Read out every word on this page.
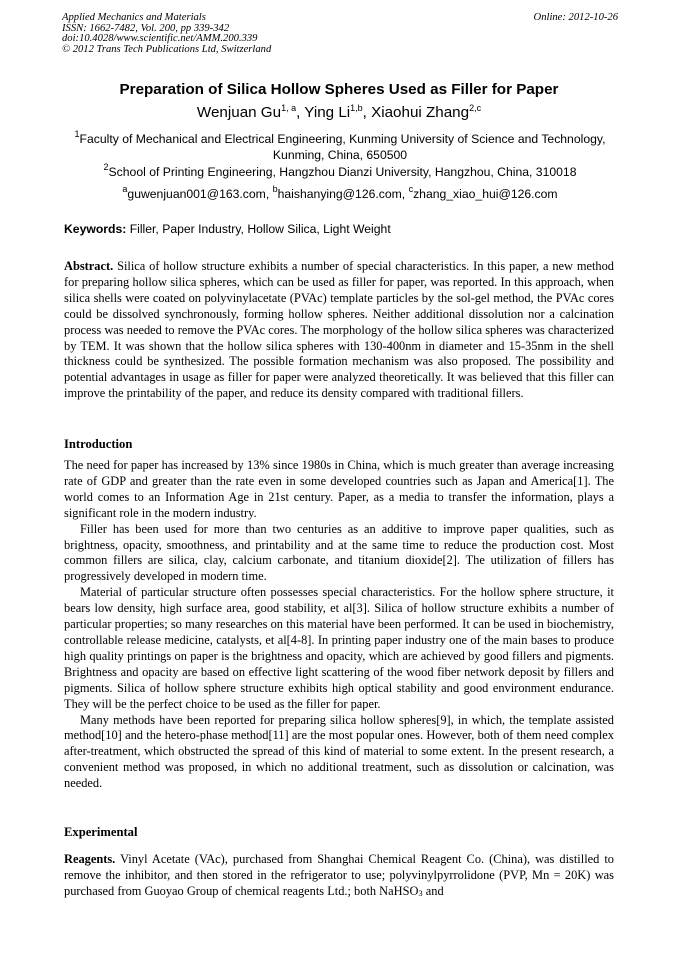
Applied Mechanics and Materials
ISSN: 1662-7482, Vol. 200, pp 339-342
doi:10.4028/www.scientific.net/AMM.200.339
© 2012 Trans Tech Publications Ltd, Switzerland
Online: 2012-10-26
Preparation of Silica Hollow Spheres Used as Filler for Paper
Wenjuan Gu$^{1, a}$, Ying Li$^{1,b}$, Xiaohui Zhang$^{2,c}$
$^1$Faculty of Mechanical and Electrical Engineering, Kunming University of Science and Technology, Kunming, China, 650500
$^2$School of Printing Engineering, Hangzhou Dianzi University, Hangzhou, China, 310018
$^a$guwenjuan001@163.com, $^b$haishanying@126.com, $^c$zhang_xiao_hui@126.com
Keywords: Filler, Paper Industry, Hollow Silica, Light Weight

Abstract. Silica of hollow structure exhibits a number of special characteristics. In this paper, a new method for preparing hollow silica spheres, which can be used as filler for paper, was reported. In this approach, when silica shells were coated on polyvinylacetate (PVAc) template particles by the sol-gel method, the PVAc cores could be dissolved synchronously, forming hollow spheres. Neither additional dissolution nor a calcination process was needed to remove the PVAc cores. The morphology of the hollow silica spheres was characterized by TEM. It was shown that the hollow silica spheres with 130-400nm in diameter and 15-35nm in the shell thickness could be synthesized. The possible formation mechanism was also proposed. The possibility and potential advantages in usage as filler for paper were analyzed theoretically. It was believed that this filler can improve the printability of the paper, and reduce its density compared with traditional fillers.

Introduction

The need for paper has increased by 13% since 1980s in China, which is much greater than average increasing rate of GDP and greater than the rate even in some developed countries such as Japan and America[1]. The world comes to an Information Age in 21st century. Paper, as a media to transfer the information, plays a significant role in the modern industry.

Filler has been used for more than two centuries as an additive to improve paper qualities, such as brightness, opacity, smoothness, and printability and at the same time to reduce the production cost. Most common fillers are silica, clay, calcium carbonate, and titanium dioxide[2]. The utilization of fillers has progressively developed in modern time.

Material of particular structure often possesses special characteristics. For the hollow sphere structure, it bears low density, high surface area, good stability, et al[3]. Silica of hollow structure exhibits a number of particular properties; so many researches on this material have been performed. It can be used in biochemistry, controllable release medicine, catalysts, et al[4-8]. In printing paper industry one of the main bases to produce high quality printings on paper is the brightness and opacity, which are achieved by good fillers and pigments. Brightness and opacity are based on effective light scattering of the wood fiber network deposit by fillers and pigments. Silica of hollow sphere structure exhibits high optical stability and good environment endurance. They will be the perfect choice to be used as the filler for paper.

Many methods have been reported for preparing silica hollow spheres[9], in which, the template assisted method[10] and the hetero-phase method[11] are the most popular ones. However, both of them need complex after-treatment, which obstructed the spread of this kind of material to some extent. In the present research, a convenient method was proposed, in which no additional treatment, such as dissolution or calcination, was needed.

Experimental

Reagents. Vinyl Acetate (VAc), purchased from Shanghai Chemical Reagent Co. (China), was distilled to remove the inhibitor, and then stored in the refrigerator to use; polyvinylpyrrolidone (PVP, Mn = 20K) was purchased from Guoyao Group of chemical reagents Ltd.; both NaHSO$_3$ and
